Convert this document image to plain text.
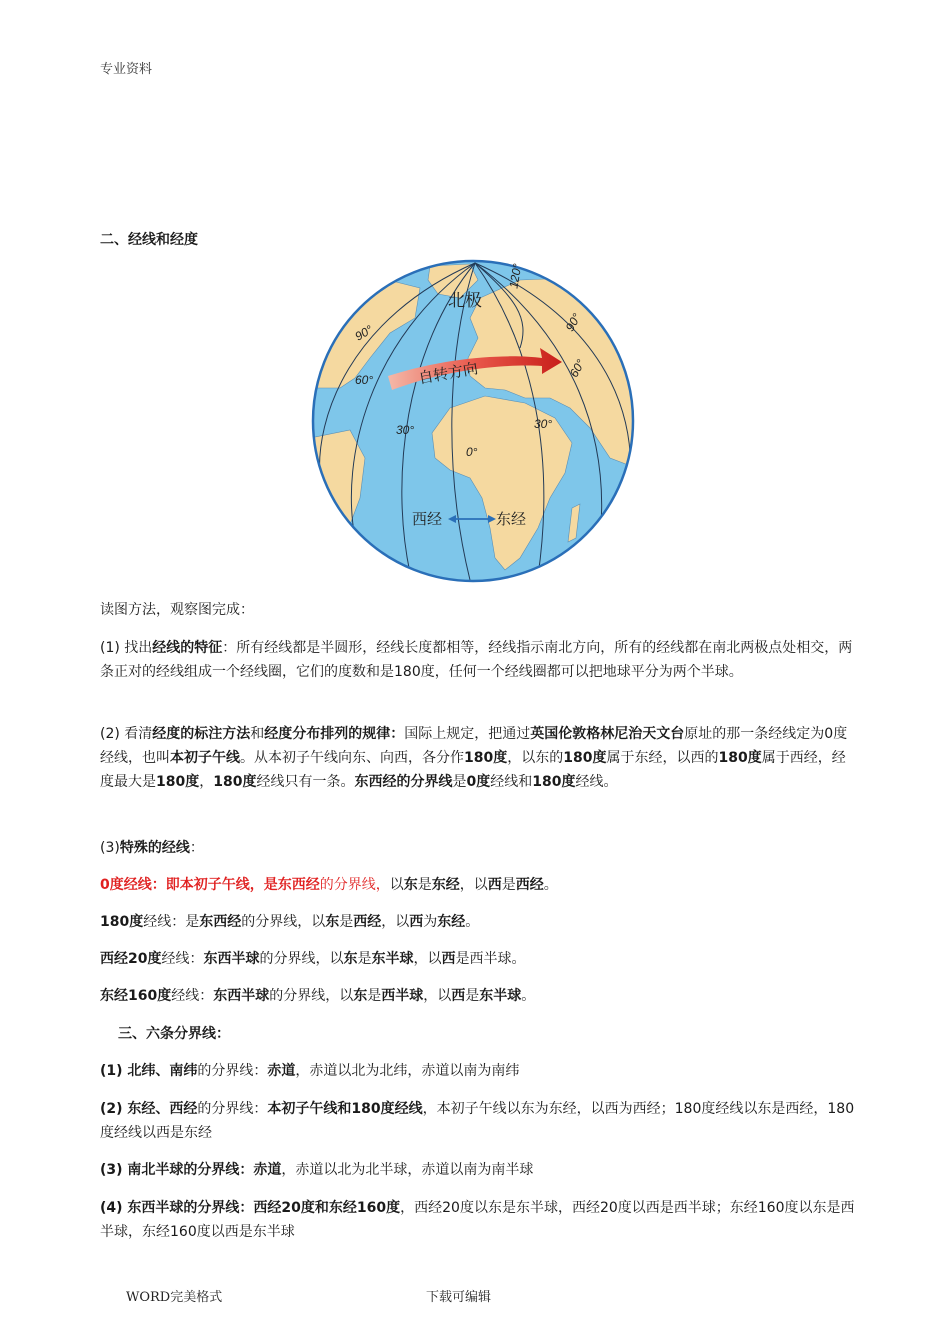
专业资料
二、经线和经度
北极
自转方向
120°
90°
60°
30°
0°
30°
60°
90°
西经	东经
读图方法，观察图完成：
(1) 找出经线的特征：所有经线都是半圆形，经线长度都相等，经线指示南北方向，所有的经线都在南北两极点处相交，两条正对的经线组成一个经线圈，它们的度数和是180度，任何一个经线圈都可以把地球平分为两个半球。
(2) 看清经度的标注方法和经度分布排列的规律：国际上规定，把通过英国伦敦格林尼治天文台原址的那一条经线定为0度经线，也叫本初子午线。从本初子午线向东、向西，各分作180度，以东的180度属于东经，以西的180度属于西经，经度最大是180度，180度经线只有一条。东西经的分界线是0度经线和180度经线。
(3)特殊的经线：
0度经线：即本初子午线，是东西经的分界线，以东是东经，以西是西经。
180度经线：是东西经的分界线，以东是西经，以西为东经。
西经20度经线：东西半球的分界线，以东是东半球，以西是西半球。
东经160度经线：东西半球的分界线，以东是西半球，以西是东半球。
三、六条分界线：
(1) 北纬、南纬的分界线：赤道，赤道以北为北纬，赤道以南为南纬
(2) 东经、西经的分界线：本初子午线和180度经线，本初子午线以东为东经，以西为西经；180度经线以东是西经，180度经线以西是东经
(3) 南北半球的分界线：赤道，赤道以北为北半球，赤道以南为南半球
(4) 东西半球的分界线：西经20度和东经160度，西经20度以东是东半球，西经20度以西是西半球；东经160度以东是西半球，东经160度以西是东半球
WORD完美格式	下载可编辑
